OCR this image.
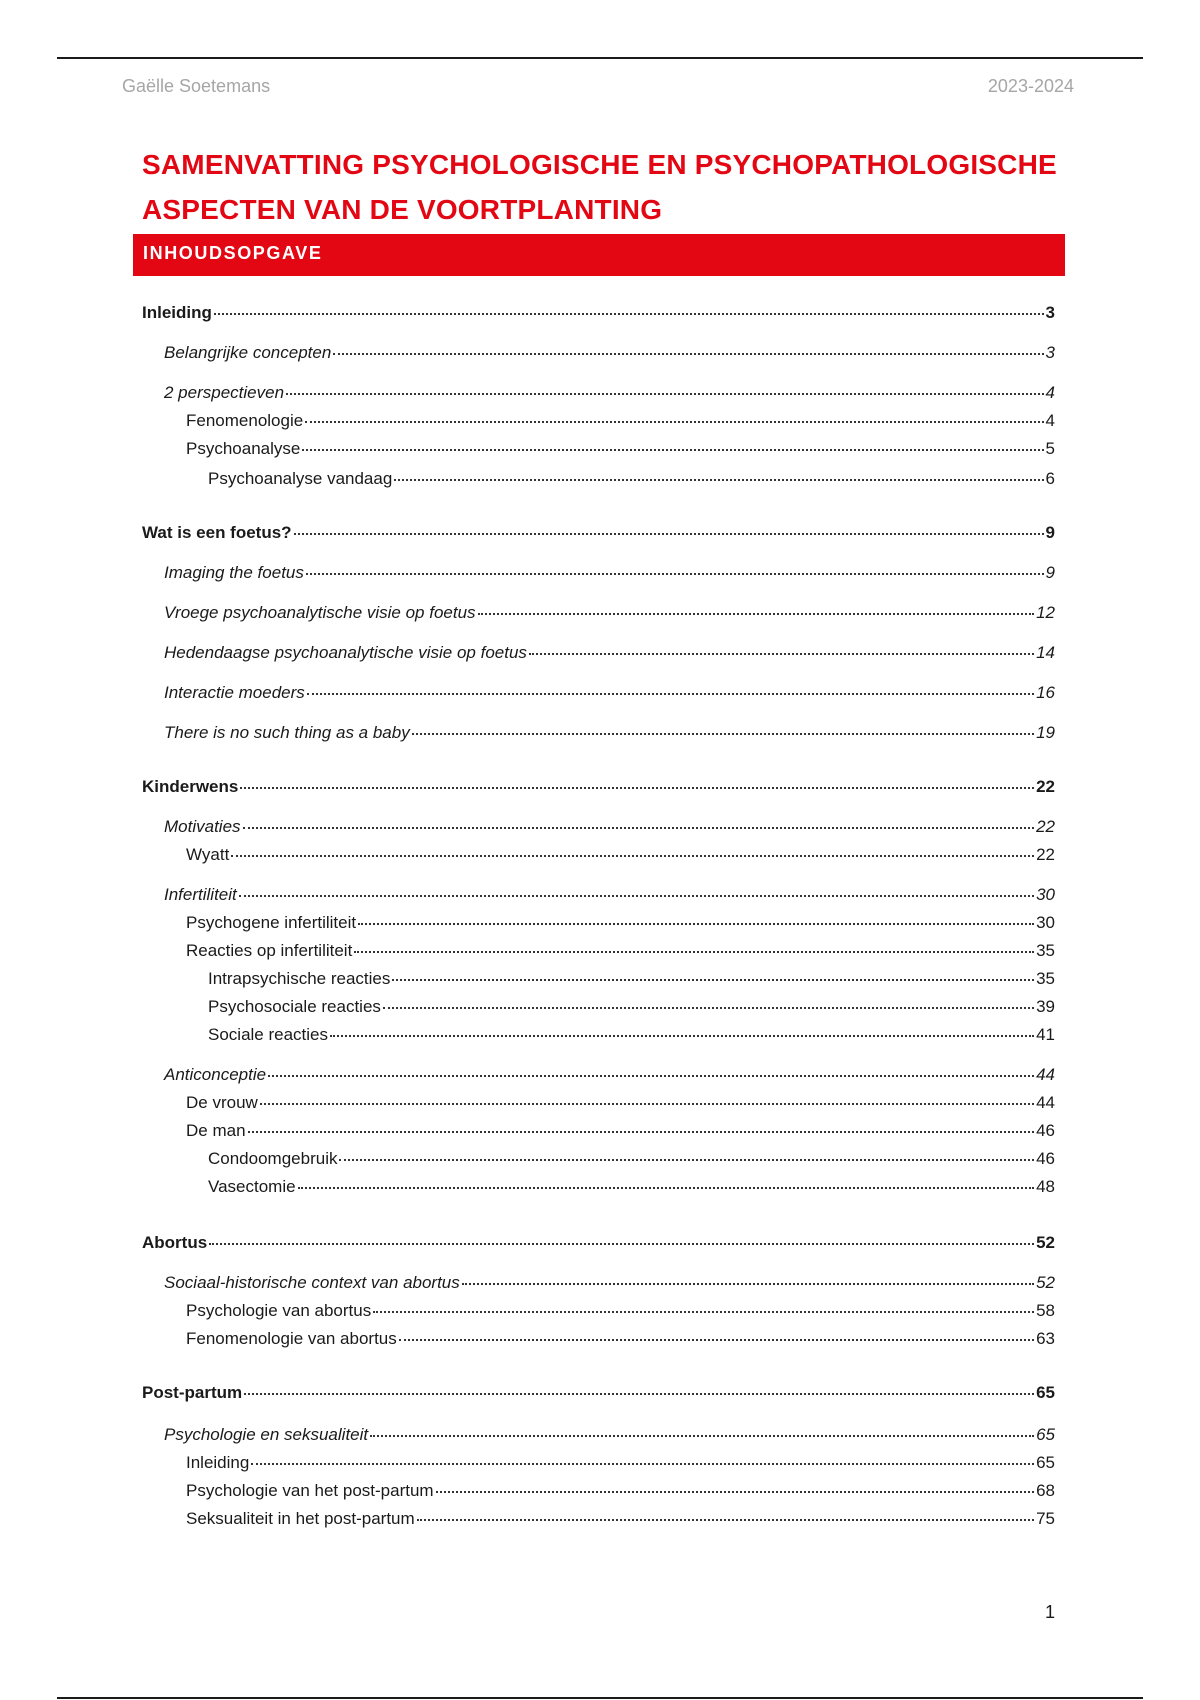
Gaëlle Soetemans	2023-2024
SAMENVATTING PSYCHOLOGISCHE EN PSYCHOPATHOLOGISCHE
ASPECTEN VAN DE VOORTPLANTING
INHOUDSOPGAVE
Inleiding	3
Belangrijke concepten	3
2 perspectieven	4
Fenomenologie	4
Psychoanalyse	5
Psychoanalyse vandaag	6
Wat is een foetus?	9
Imaging the foetus	9
Vroege psychoanalytische visie op foetus	12
Hedendaagse psychoanalytische visie op foetus	14
Interactie moeders	16
There is no such thing as a baby	19
Kinderwens	22
Motivaties	22
Wyatt	22
Infertiliteit	30
Psychogene infertiliteit	30
Reacties op infertiliteit	35
Intrapsychische reacties	35
Psychosociale reacties	39
Sociale reacties	41
Anticonceptie	44
De vrouw	44
De man	46
Condoomgebruik	46
Vasectomie	48
Abortus	52
Sociaal-historische context van abortus	52
Psychologie van abortus	58
Fenomenologie van abortus	63
Post-partum	65
Psychologie en seksualiteit	65
Inleiding	65
Psychologie van het post-partum	68
Seksualiteit in het post-partum	75
1
